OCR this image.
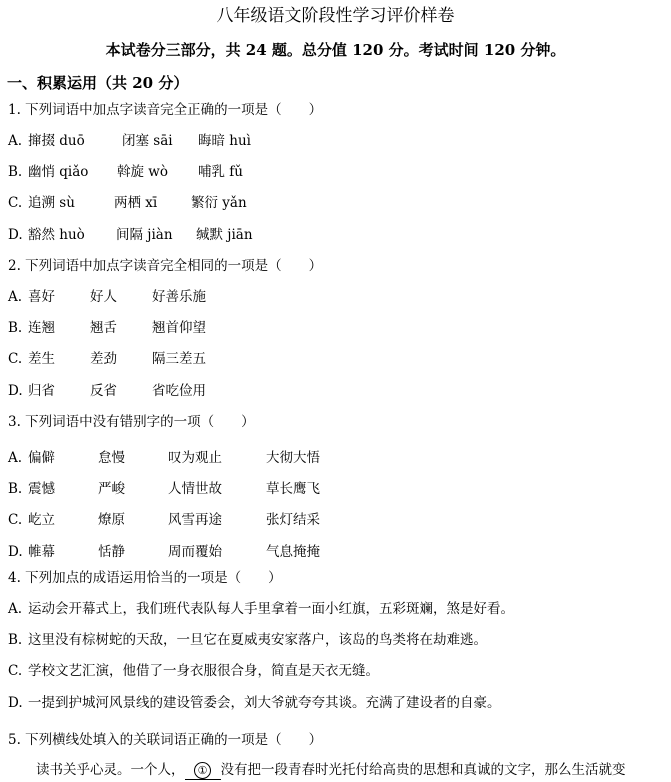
八年级语文阶段性学习评价样卷
本试卷分三部分，共 24 题。总分值 120 分。考试时间 120 分钟。
一、积累运用（共 20 分）
1. 下列词语中加点字读音完全正确的一项是（　　）
A. 撺掇 duō	闭塞 sāi 晦暗 huì
B. 幽悄 qiǎo 斡旋 wò 哺乳 fǔ
C. 追溯 sù	两栖 xī	繁衍 yǎn
D. 豁然 huò 间隔 jiàn 缄默 jiān
2. 下列词语中加点字读音完全相同的一项是（　　）
A. 喜好	好人	好善乐施
B. 连翘	翘舌	翘首仰望
C. 差生	差劲	隔三差五
D. 归省	反省	省吃俭用
3. 下列词语中没有错别字的一项（　　）
A. 偏僻	怠慢	叹为观止	大彻大悟
B. 震憾	严峻	人情世故	草长鹰飞
C. 屹立	燎原	风雪再途	张灯结采
D. 帷幕	恬静	周而覆始	气息掩掩
4. 下列加点的成语运用恰当的一项是（　　）
A. 运动会开幕式上，我们班代表队每人手里拿着一面小红旗，五彩斑斓，煞是好看。
B. 这里没有棕树蛇的天敌，一旦它在夏威夷安家落户，该岛的鸟类将在劫难逃。
C. 学校文艺汇演，他借了一身衣服很合身，简直是天衣无缝。
D. 一提到护城河风景线的建设管委会，刘大爷就夸夸其谈。充满了建设者的自豪。
5. 下列横线处填入的关联词语正确的一项是（　　）
读书关乎心灵。一个人， ① 没有把一段青春时光托付给高贵的思想和真诚的文字，那么生活就变
